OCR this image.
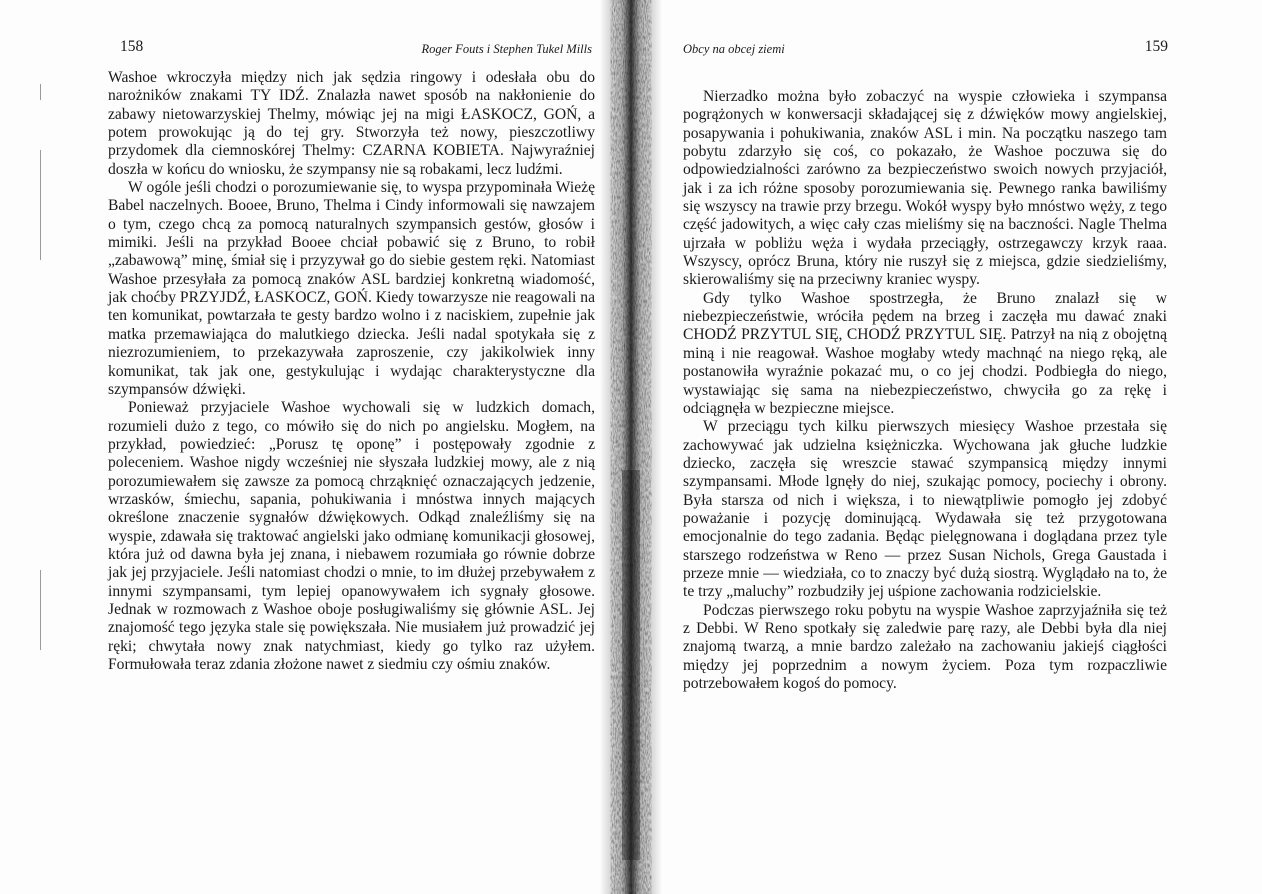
158	Roger Fouts i Stephen Tukel Mills

Washoe wkroczyła między nich jak sędzia ringowy i odesłała obu do narożników znakami TY IDŹ. Znalazła nawet sposób na nakłonienie do zabawy nietowarzyskiej Thelmy, mówiąc jej na migi ŁASKOCZ, GOŃ, a potem prowokując ją do tej gry. Stworzyła też nowy, pieszczotliwy przydomek dla ciemnoskórej Thelmy: CZARNA KOBIETA. Najwyraźniej doszła w końcu do wniosku, że szympansy nie są robakami, lecz ludźmi.

W ogóle jeśli chodzi o porozumiewanie się, to wyspa przypominała Wieżę Babel naczelnych. Booee, Bruno, Thelma i Cindy informowali się nawzajem o tym, czego chcą za pomocą naturalnych szympansich gestów, głosów i mimiki. Jeśli na przykład Booee chciał pobawić się z Bruno, to robił „zabawową” minę, śmiał się i przyzywał go do siebie gestem ręki. Natomiast Washoe przesyłała za pomocą znaków ASL bardziej konkretną wiadomość, jak choćby PRZYJDŹ, ŁASKOCZ, GOŃ. Kiedy towarzysze nie reagowali na ten komunikat, powtarzała te gesty bardzo wolno i z naciskiem, zupełnie jak matka przemawiająca do malutkiego dziecka. Jeśli nadal spotykała się z niezrozumieniem, to przekazywała zaproszenie, czy jakikolwiek inny komunikat, tak jak one, gestykulując i wydając charakterystyczne dla szympansów dźwięki.

Ponieważ przyjaciele Washoe wychowali się w ludzkich domach, rozumieli dużo z tego, co mówiło się do nich po angielsku. Mogłem, na przykład, powiedzieć: „Porusz tę oponę” i postępowały zgodnie z poleceniem. Washoe nigdy wcześniej nie słyszała ludzkiej mowy, ale z nią porozumiewałem się zawsze za pomocą chrząknięć oznaczających jedzenie, wrzasków, śmiechu, sapania, pohukiwania i mnóstwa innych mających określone znaczenie sygnałów dźwiękowych. Odkąd znaleźliśmy się na wyspie, zdawała się traktować angielski jako odmianę komunikacji głosowej, która już od dawna była jej znana, i niebawem rozumiała go równie dobrze jak jej przyjaciele. Jeśli natomiast chodzi o mnie, to im dłużej przebywałem z innymi szympansami, tym lepiej opanowywałem ich sygnały głosowe. Jednak w rozmowach z Washoe oboje posługiwaliśmy się głównie ASL. Jej znajomość tego języka stale się powiększała. Nie musiałem już prowadzić jej ręki; chwytała nowy znak natychmiast, kiedy go tylko raz użyłem. Formułowała teraz zdania złożone nawet z siedmiu czy ośmiu znaków.

Obcy na obcej ziemi	159

Nierzadko można było zobaczyć na wyspie człowieka i szympansa pogrążonych w konwersacji składającej się z dźwięków mowy angielskiej, posapywania i pohukiwania, znaków ASL i min. Na początku naszego tam pobytu zdarzyło się coś, co pokazało, że Washoe poczuwa się do odpowiedzialności zarówno za bezpieczeństwo swoich nowych przyjaciół, jak i za ich różne sposoby porozumiewania się. Pewnego ranka bawiliśmy się wszyscy na trawie przy brzegu. Wokół wyspy było mnóstwo węży, z tego część jadowitych, a więc cały czas mieliśmy się na baczności. Nagle Thelma ujrzała w pobliżu węża i wydała przeciągły, ostrzegawczy krzyk raaa. Wszyscy, oprócz Bruna, który nie ruszył się z miejsca, gdzie siedzieliśmy, skierowaliśmy się na przeciwny kraniec wyspy.

Gdy tylko Washoe spostrzegła, że Bruno znalazł się w niebezpieczeństwie, wróciła pędem na brzeg i zaczęła mu dawać znaki CHODŹ PRZYTUL SIĘ, CHODŹ PRZYTUL SIĘ. Patrzył na nią z obojętną miną i nie reagował. Washoe mogłaby wtedy machnąć na niego ręką, ale postanowiła wyraźnie pokazać mu, o co jej chodzi. Podbiegła do niego, wystawiając się sama na niebezpieczeństwo, chwyciła go za rękę i odciągnęła w bezpieczne miejsce.

W przeciągu tych kilku pierwszych miesięcy Washoe przestała się zachowywać jak udzielna księżniczka. Wychowana jak głuche ludzkie dziecko, zaczęła się wreszcie stawać szympansicą między innymi szympansami. Młode lgnęły do niej, szukając pomocy, pociechy i obrony. Była starsza od nich i większa, i to niewątpliwie pomogło jej zdobyć poważanie i pozycję dominującą. Wydawała się też przygotowana emocjonalnie do tego zadania. Będąc pielęgnowana i doglądana przez tyle starszego rodzeństwa w Reno — przez Susan Nichols, Grega Gaustada i przeze mnie — wiedziała, co to znaczy być dużą siostrą. Wyglądało na to, że te trzy „maluchy” rozbudziły jej uśpione zachowania rodzicielskie.

Podczas pierwszego roku pobytu na wyspie Washoe zaprzyjaźniła się też z Debbi. W Reno spotkały się zaledwie parę razy, ale Debbi była dla niej znajomą twarzą, a mnie bardzo zależało na zachowaniu jakiejś ciągłości między jej poprzednim a nowym życiem. Poza tym rozpaczliwie potrzebowałem kogoś do pomocy.
